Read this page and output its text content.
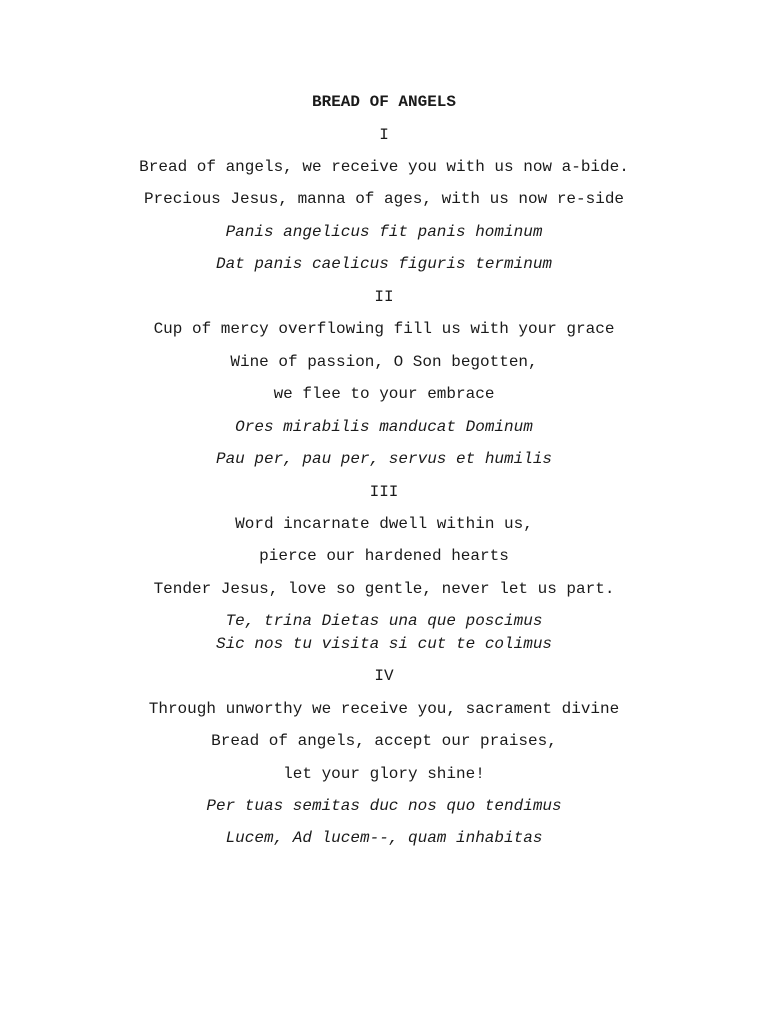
BREAD OF ANGELS
I
Bread of angels, we receive you with us now a-bide.
Precious Jesus, manna of ages, with us now re-side
Panis angelicus fit panis hominum
Dat panis caelicus figuris terminum
II
Cup of mercy overflowing fill us with your grace
Wine of passion, O Son begotten,
we flee to your embrace
Ores mirabilis manducat Dominum
Pau per, pau per, servus et humilis
III
Word incarnate dwell within us,
pierce our hardened hearts
Tender Jesus, love so gentle, never let us part.
Te, trina Dietas una que poscimus
Sic nos tu visita si cut te colimus
IV
Through unworthy we receive you, sacrament divine
Bread of angels, accept our praises,
let your glory shine!
Per tuas semitas duc nos quo tendimus
Lucem, Ad lucem--, quam inhabitas
